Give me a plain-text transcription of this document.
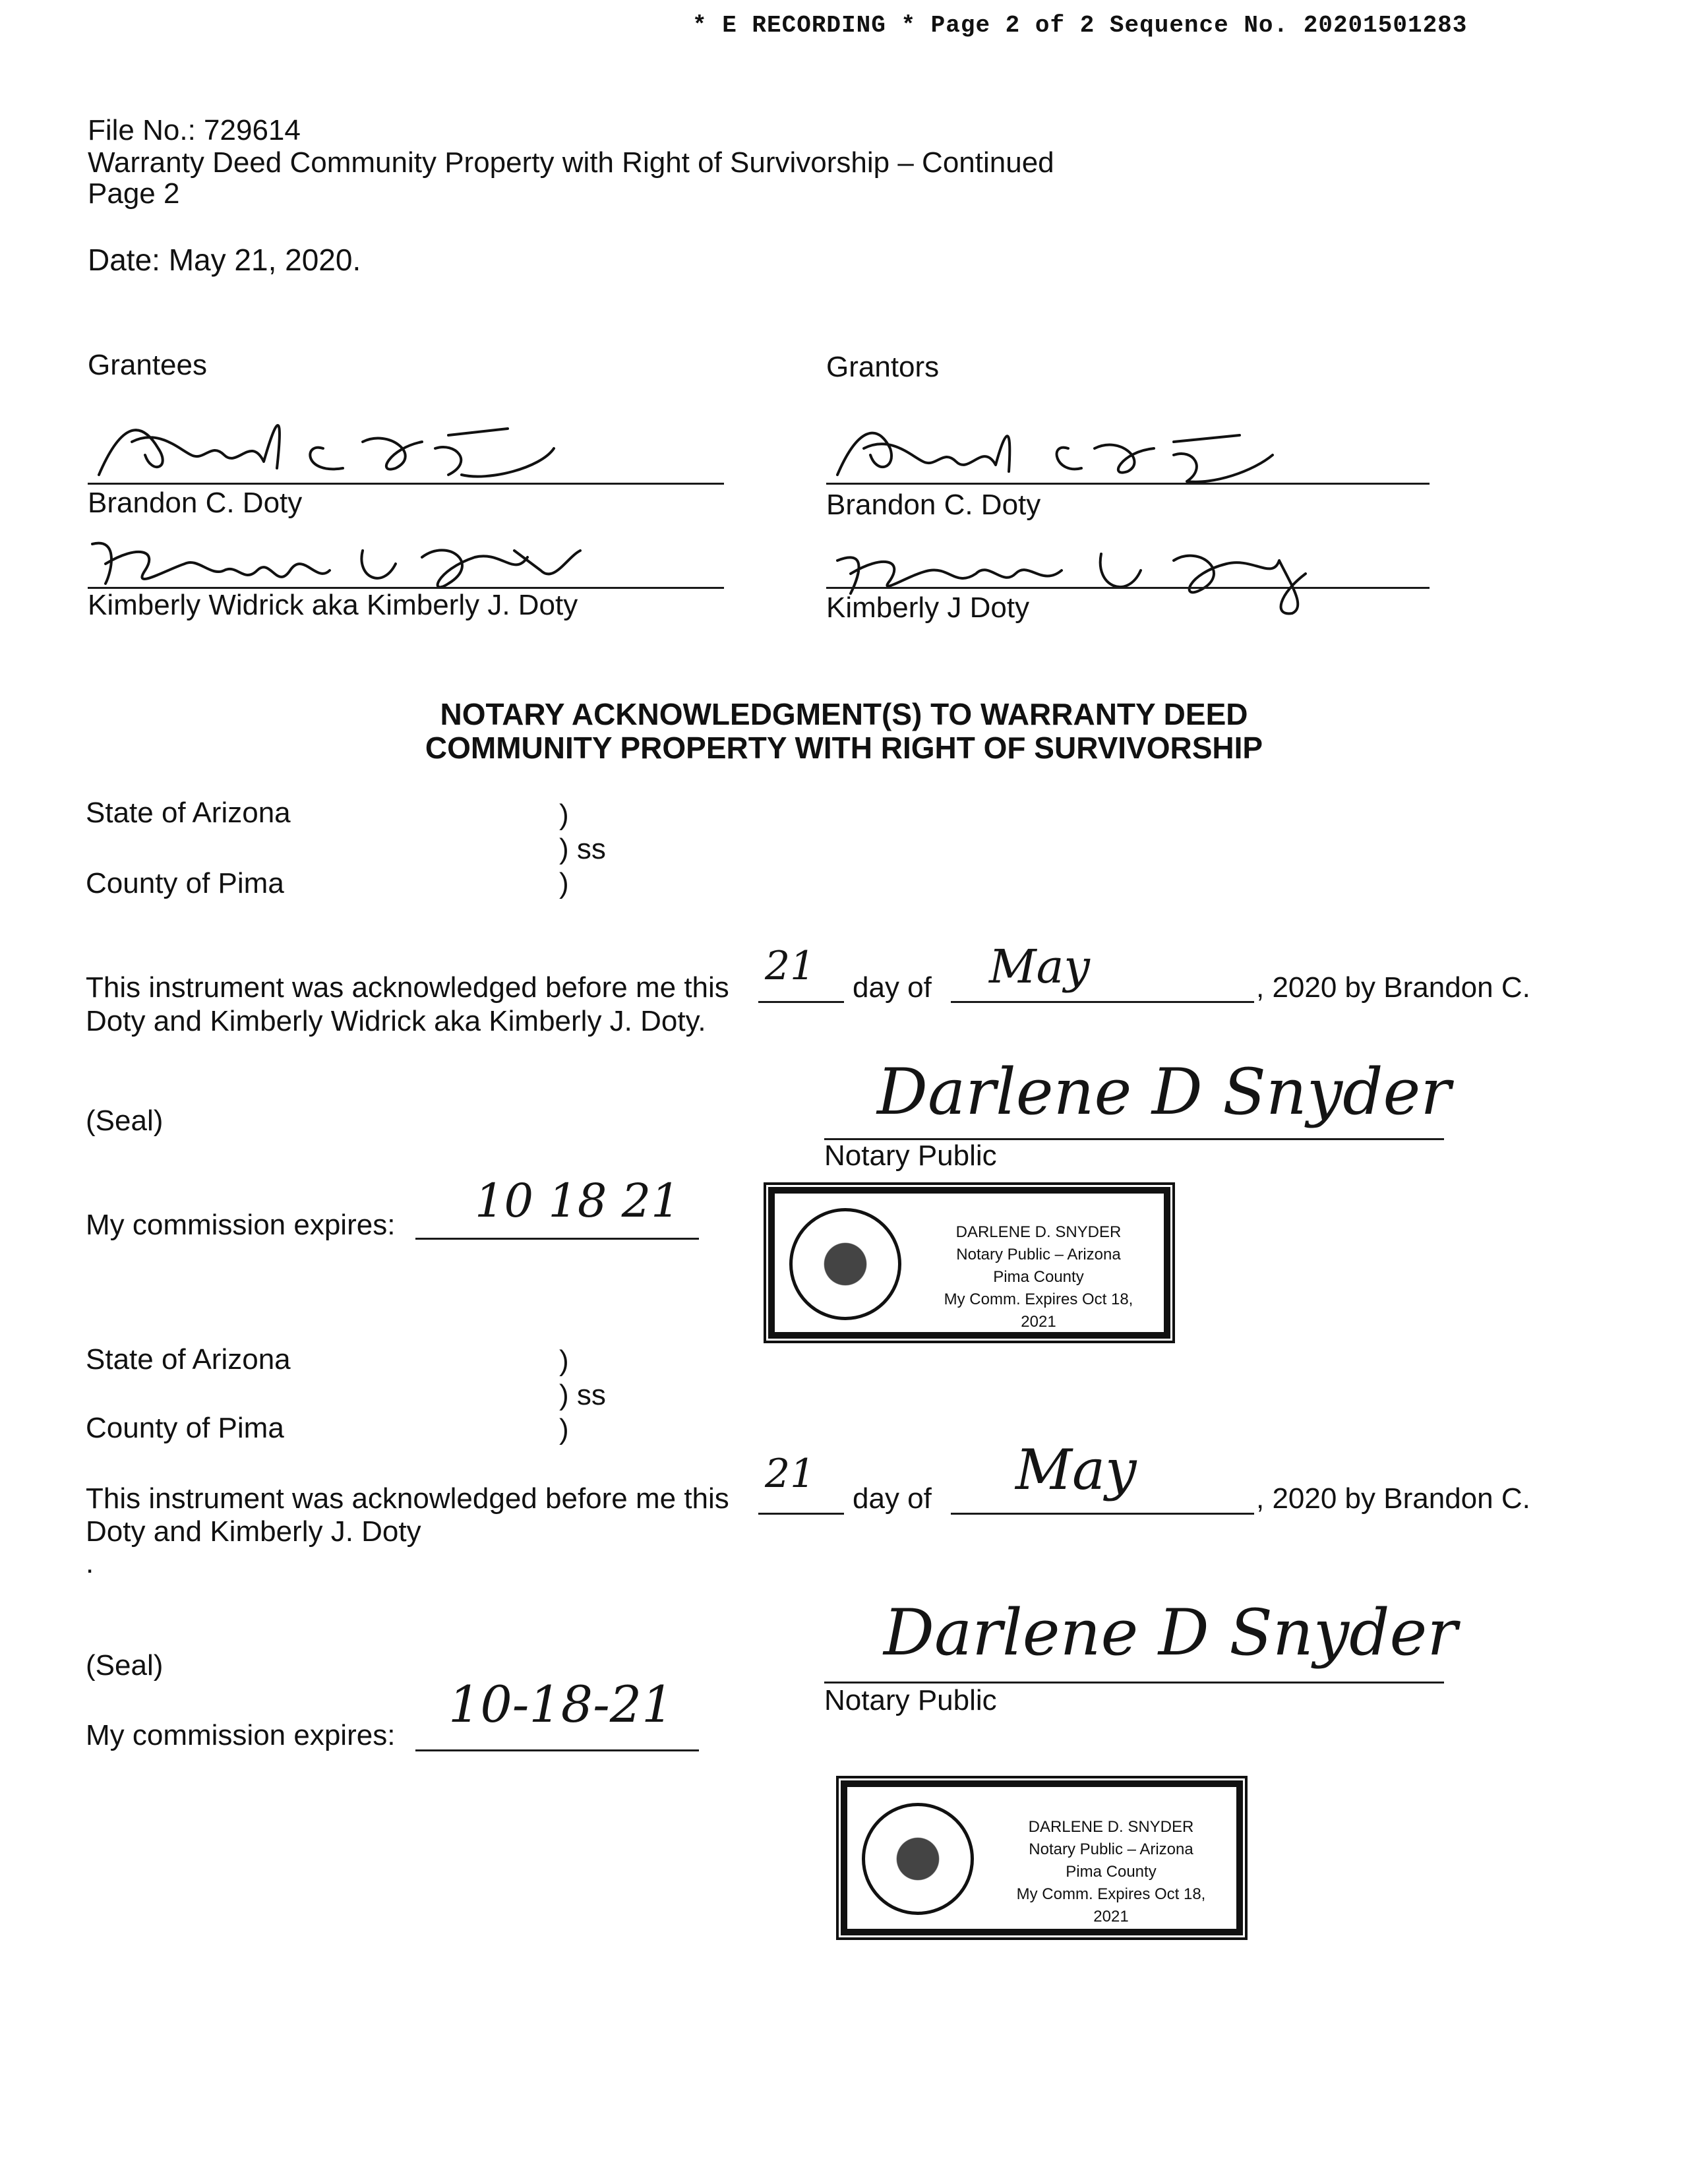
* E RECORDING * Page 2 of 2 Sequence No. 20201501283
File No.: 729614
Warranty Deed Community Property with Right of Survivorship – Continued
Page 2
Date: May 21, 2020.
Grantees	Grantors
Brandon C. Doty
Kimberly Widrick aka Kimberly J. Doty
Brandon C. Doty
Kimberly J Doty
NOTARY ACKNOWLEDGMENT(S) TO WARRANTY DEED
COMMUNITY PROPERTY WITH RIGHT OF SURVIVORSHIP
State of Arizona	)
) ss
County of Pima	)
This instrument was acknowledged before me this 21 day of May	, 2020 by Brandon C.
Doty and Kimberly Widrick aka Kimberly J. Doty.
(Seal)	Darlene D Snyder
Notary Public
My commission expires: 10 18 21
DARLENE D. SNYDER
Notary Public – Arizona
Pima County
My Comm. Expires Oct 18, 2021
State of Arizona	)
) ss
County of Pima	)
This instrument was acknowledged before me this
21
day of May	, 2020 by Brandon C.
Doty and Kimberly J. Doty
.
(Seal)	Darlene D Snyder
Notary Public
My commission expires:
10-18-21
DARLENE D. SNYDER
Notary Public – Arizona
Pima County
My Comm. Expires Oct 18, 2021
